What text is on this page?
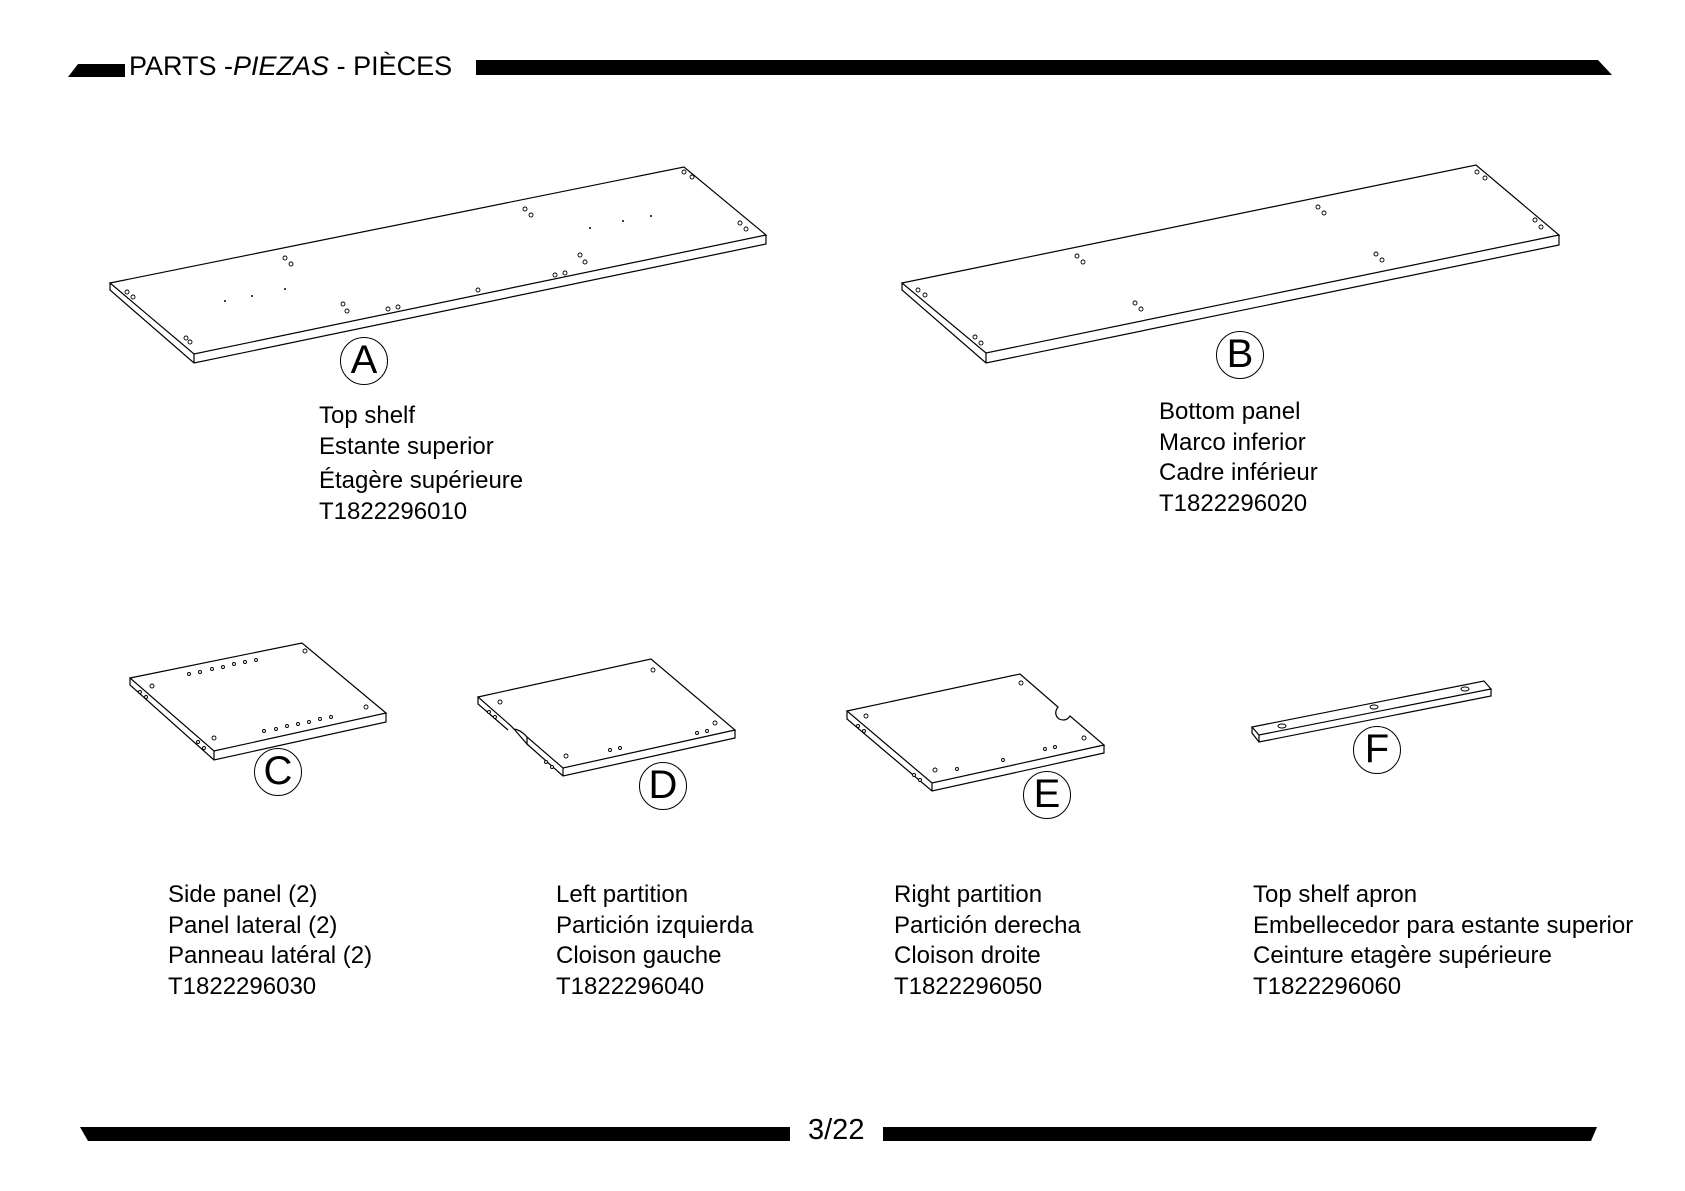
PARTS -PIEZAS - PIÈCES
A
Top shelf
Estante superior
Étagère supérieure
T1822296010
B
Bottom panel
Marco inferior
Cadre inférieur
T1822296020
C
Side panel (2)
Panel lateral (2)
Panneau latéral (2)
T1822296030
D
Left partition
Partición izquierda
Cloison gauche
T1822296040
E
Right partition
Partición derecha
Cloison droite
T1822296050
F
Top shelf apron
Embellecedor para estante superior
Ceinture etagère supérieure
T1822296060
3/22
